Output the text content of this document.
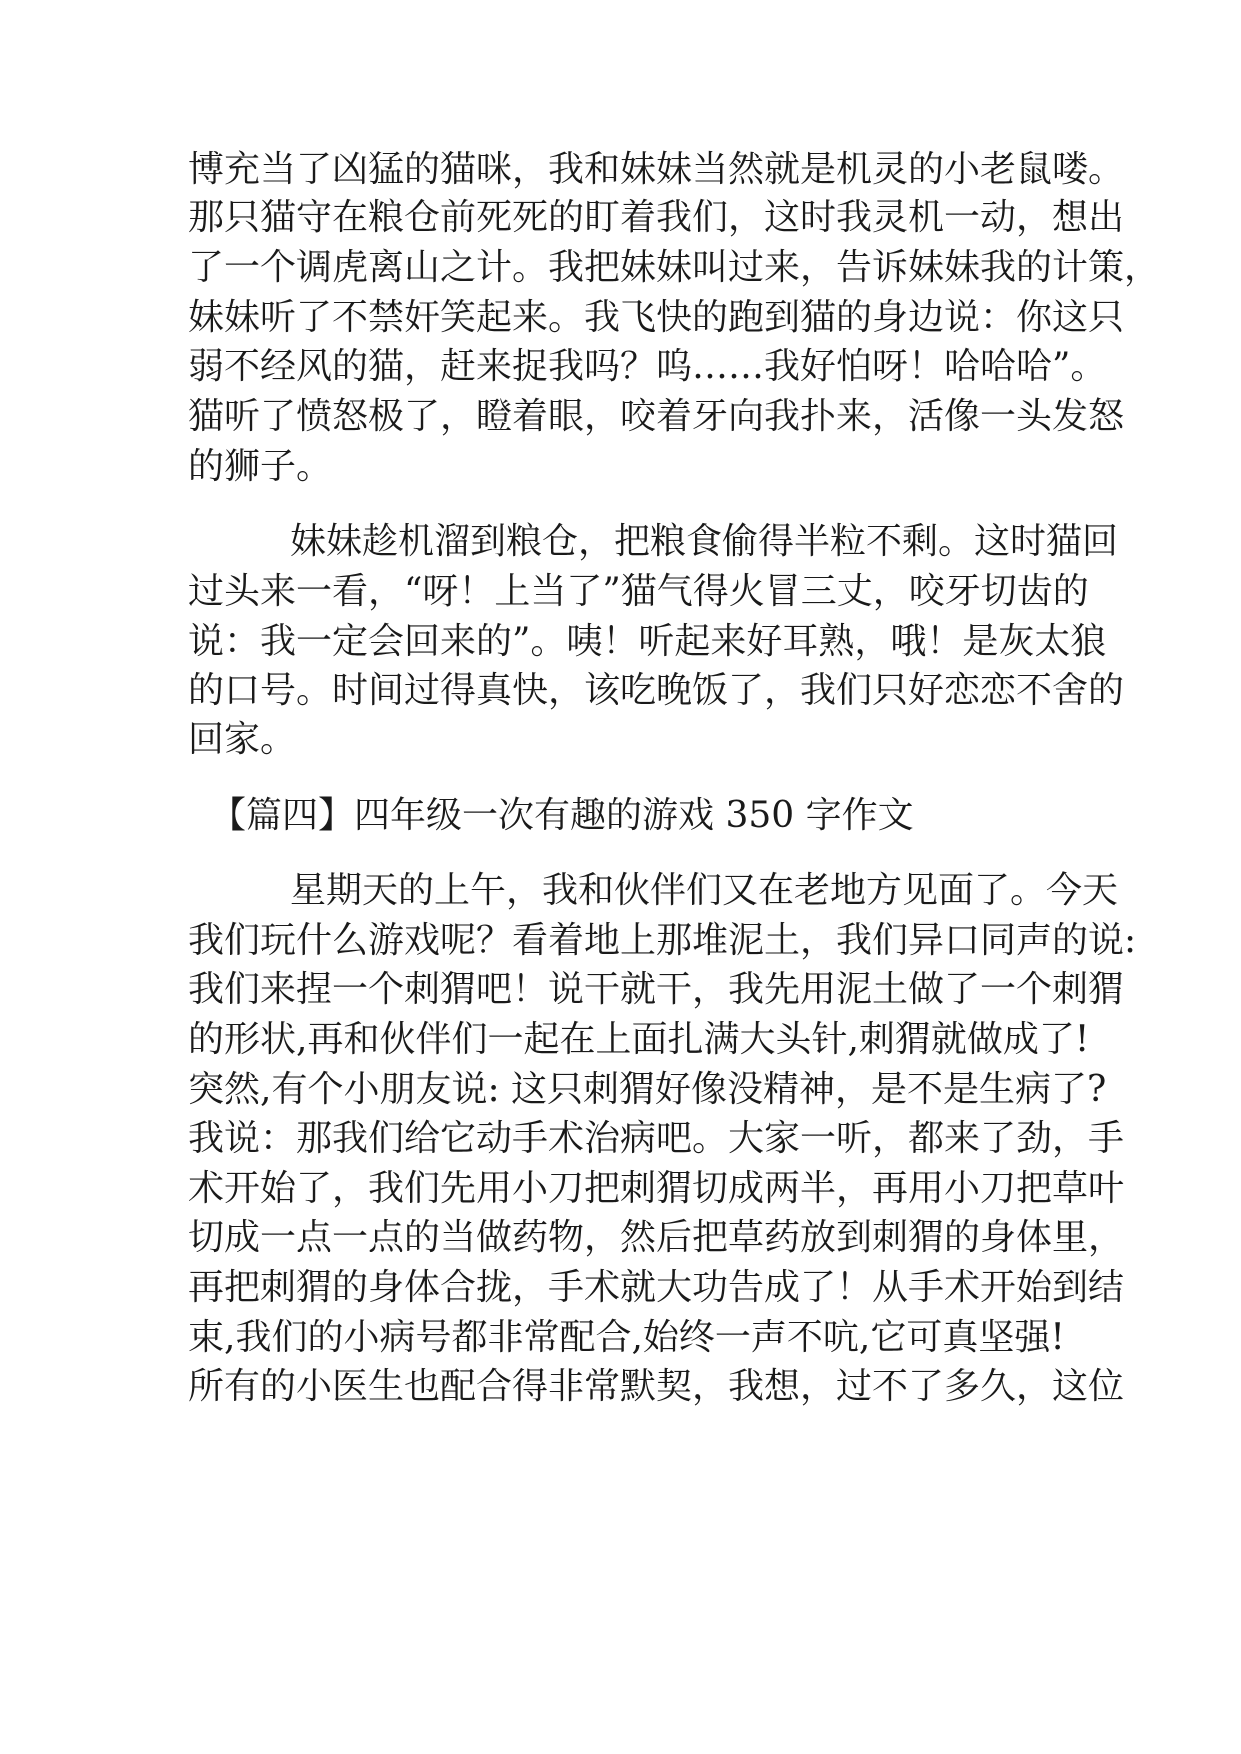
博充当了凶猛的猫咪，我和妹妹当然就是机灵的小老鼠喽。
那只猫守在粮仓前死死的盯着我们，这时我灵机一动，想出
了一个调虎离山之计。我把妹妹叫过来，告诉妹妹我的计策，
妹妹听了不禁奸笑起来。我飞快的跑到猫的身边说：你这只
弱不经风的猫，赶来捉我吗？呜……我好怕呀！哈哈哈”。
猫听了愤怒极了，瞪着眼，咬着牙向我扑来，活像一头发怒
的狮子。
妹妹趁机溜到粮仓，把粮食偷得半粒不剩。这时猫回
过头来一看，“呀！上当了”猫气得火冒三丈，咬牙切齿的
说：我一定会回来的”。咦！听起来好耳熟，哦！是灰太狼
的口号。时间过得真快，该吃晚饭了，我们只好恋恋不舍的
回家。
【篇四】四年级一次有趣的游戏 350 字作文
星期天的上午，我和伙伴们又在老地方见面了。今天
我们玩什么游戏呢？看着地上那堆泥土，我们异口同声的说:
我们来捏一个刺猬吧！说干就干，我先用泥土做了一个刺猬
的形状,再和伙伴们一起在上面扎满大头针,刺猬就做成了!
突然,有个小朋友说: 这只刺猬好像没精神，是不是生病了?
我说：那我们给它动手术治病吧。大家一听，都来了劲，手
术开始了，我们先用小刀把刺猬切成两半，再用小刀把草叶
切成一点一点的当做药物，然后把草药放到刺猬的身体里，
再把刺猬的身体合拢，手术就大功告成了！从手术开始到结
束,我们的小病号都非常配合,始终一声不吭,它可真坚强!
所有的小医生也配合得非常默契，我想，过不了多久，这位
